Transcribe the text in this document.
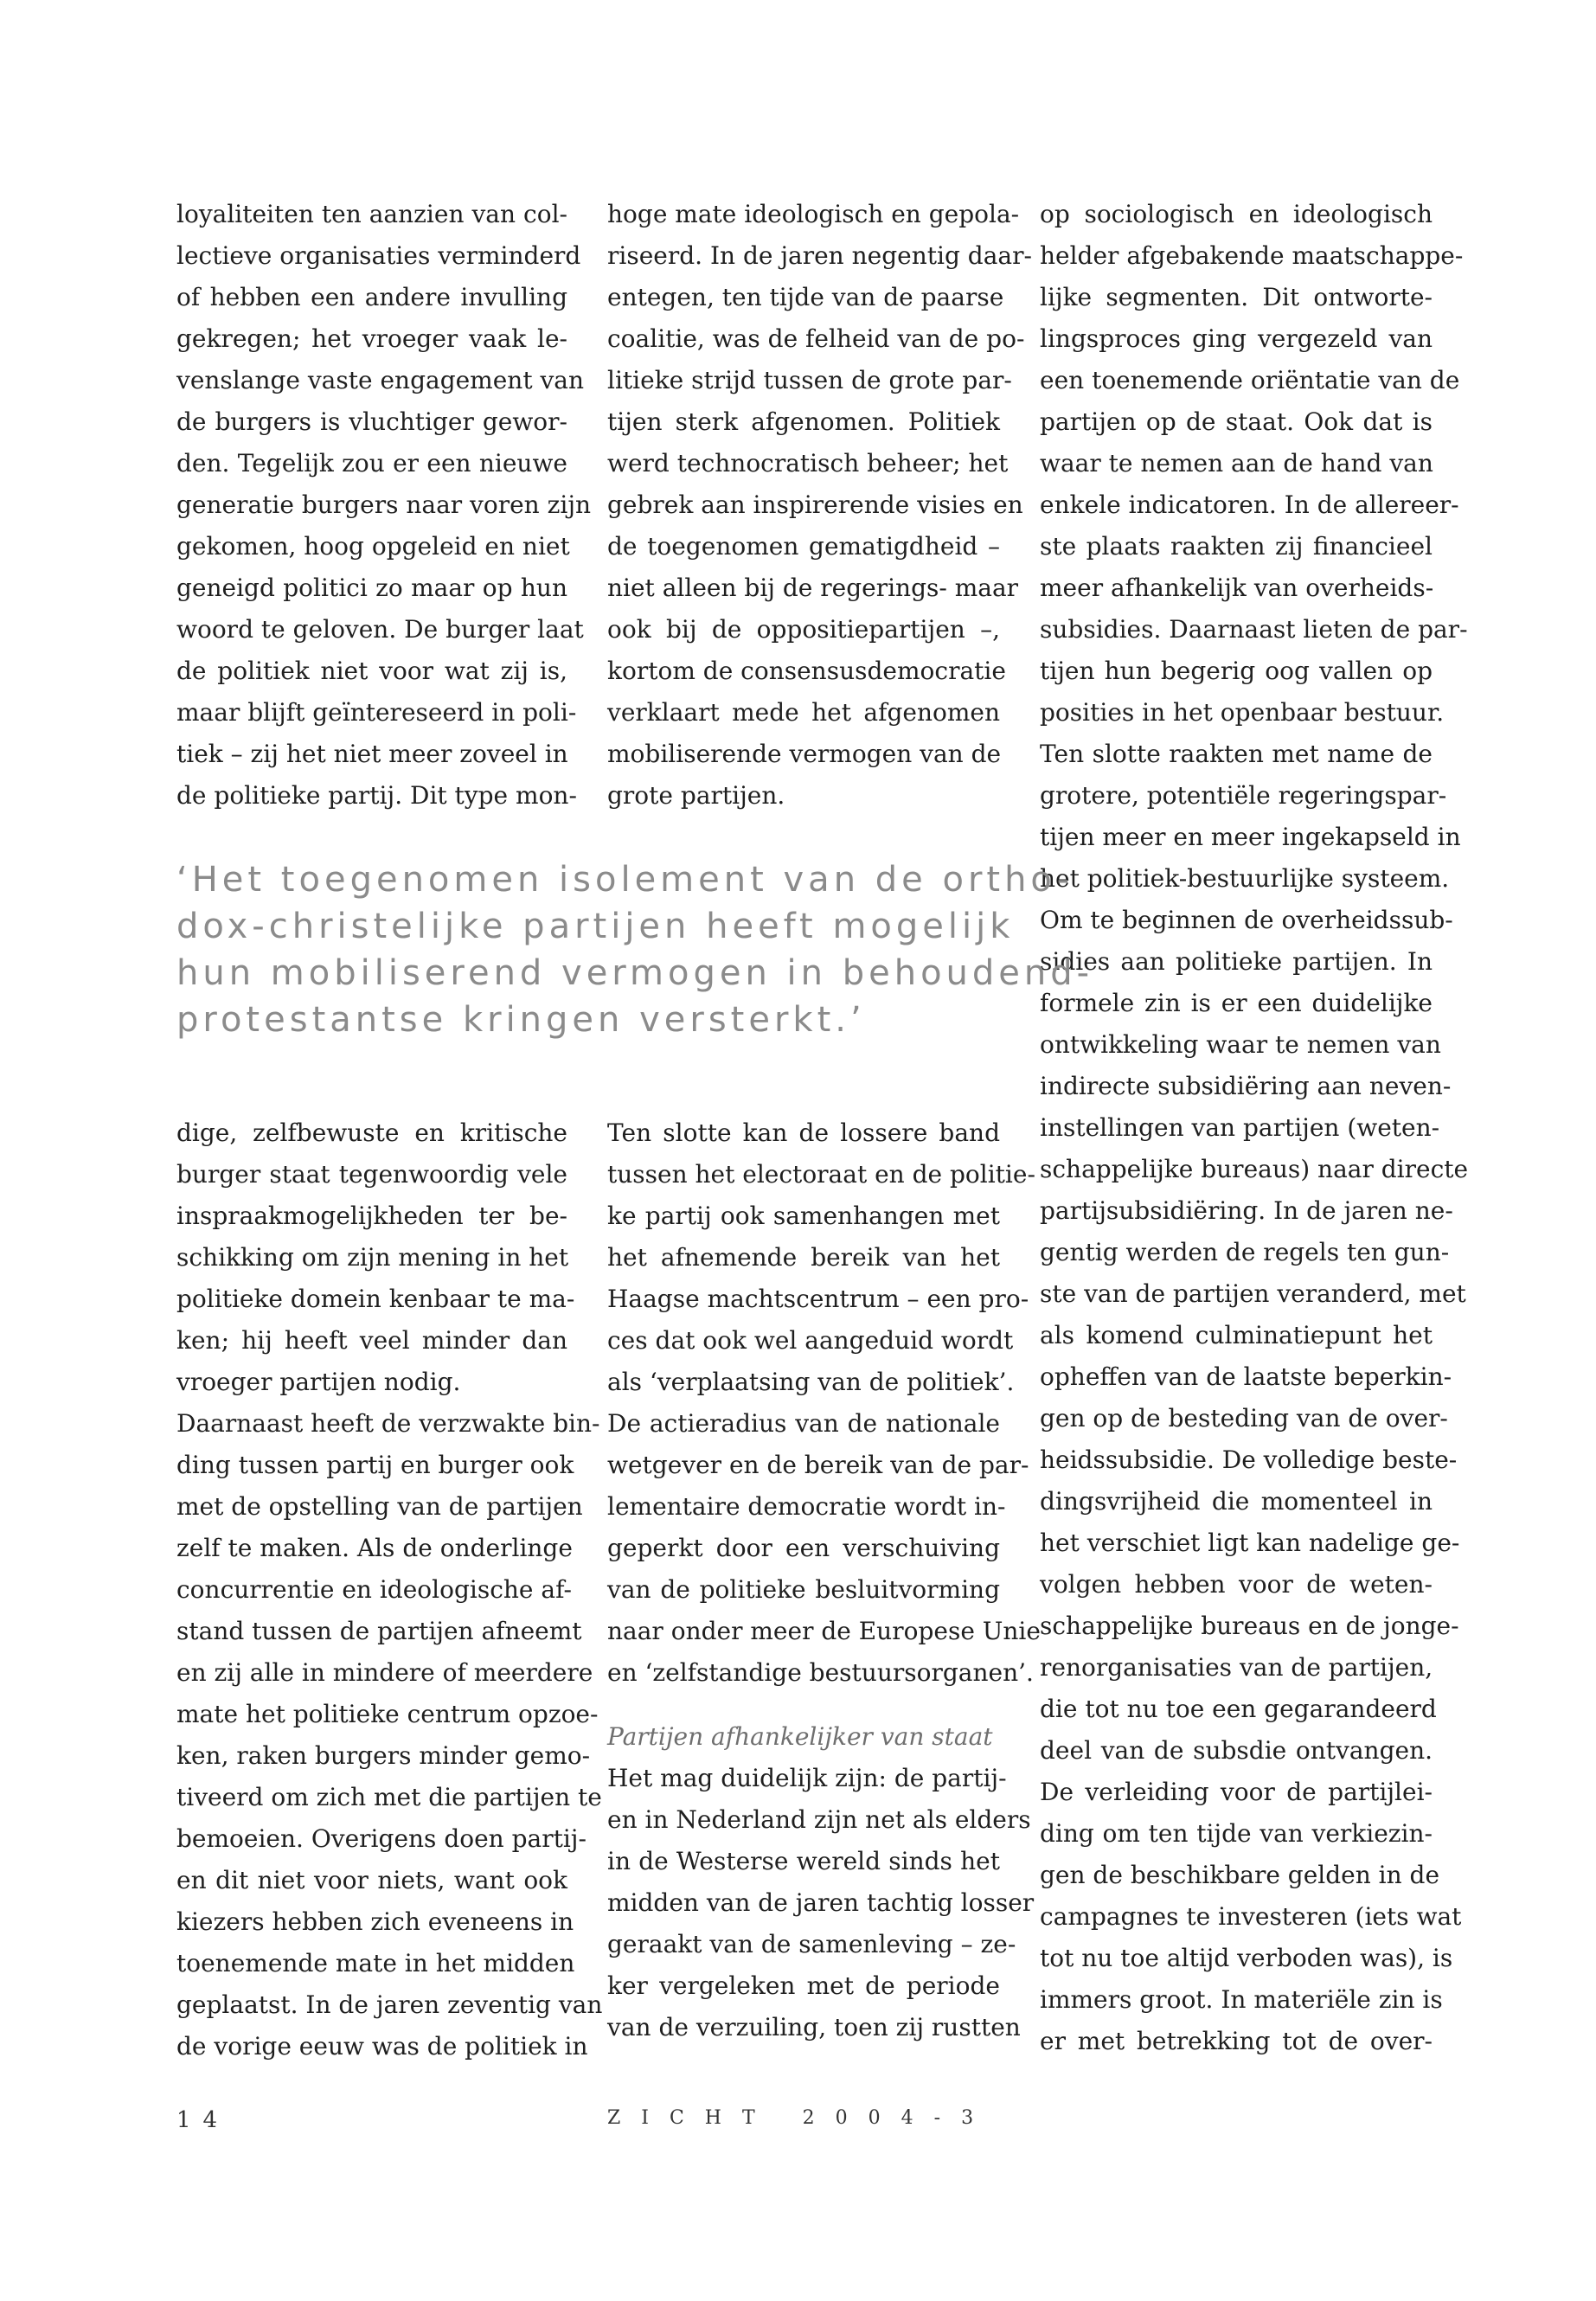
loyaliteiten ten aanzien van col-
lectieve organisaties verminderd
of hebben een andere invulling
gekregen; het vroeger vaak le-
venslange vaste engagement van
de burgers is vluchtiger gewor-
den. Tegelijk zou er een nieuwe
generatie burgers naar voren zijn
gekomen, hoog opgeleid en niet
geneigd politici zo maar op hun
woord te geloven. De burger laat
de politiek niet voor wat zij is,
maar blijft geïntereseerd in poli-
tiek – zij het niet meer zoveel in
de politieke partij. Dit type mon-
hoge mate ideologisch en gepola-
riseerd. In de jaren negentig daar-
entegen, ten tijde van de paarse
coalitie, was de felheid van de po-
litieke strijd tussen de grote par-
tijen sterk afgenomen. Politiek
werd technocratisch beheer; het
gebrek aan inspirerende visies en
de toegenomen gematigdheid –
niet alleen bij de regerings- maar
ook bij de oppositiepartijen –,
kortom de consensusdemocratie
verklaart mede het afgenomen
mobiliserende vermogen van de
grote partijen.
op sociologisch en ideologisch
helder afgebakende maatschappe-
lijke segmenten. Dit ontworte-
lingsproces ging vergezeld van
een toenemende oriëntatie van de
partijen op de staat. Ook dat is
waar te nemen aan de hand van
enkele indicatoren. In de allereer-
ste plaats raakten zij financieel
meer afhankelijk van overheids-
subsidies. Daarnaast lieten de par-
tijen hun begerig oog vallen op
posities in het openbaar bestuur.
Ten slotte raakten met name de
grotere, potentiële regeringspar-
tijen meer en meer ingekapseld in
het politiek-bestuurlijke systeem.
Om te beginnen de overheidssub-
sidies aan politieke partijen. In
formele zin is er een duidelijke
ontwikkeling waar te nemen van
indirecte subsidiëring aan neven-
instellingen van partijen (weten-
schappelijke bureaus) naar directe
partijsubsidiëring. In de jaren ne-
gentig werden de regels ten gun-
ste van de partijen veranderd, met
als komend culminatiepunt het
opheffen van de laatste beperkin-
gen op de besteding van de over-
heidssubsidie. De volledige beste-
dingsvrijheid die momenteel in
het verschiet ligt kan nadelige ge-
volgen hebben voor de weten-
schappelijke bureaus en de jonge-
renorganisaties van de partijen,
die tot nu toe een gegarandeerd
deel van de subsdie ontvangen.
De verleiding voor de partijlei-
ding om ten tijde van verkiezin-
gen de beschikbare gelden in de
campagnes te investeren (iets wat
tot nu toe altijd verboden was), is
immers groot. In materiële zin is
er met betrekking tot de over-
‘Het toegenomen isolement van de ortho-
dox-christelijke partijen heeft mogelijk
hun mobiliserend vermogen in behoudend-
protestantse kringen versterkt.’
dige, zelfbewuste en kritische
burger staat tegenwoordig vele
inspraakmogelijkheden ter be-
schikking om zijn mening in het
politieke domein kenbaar te ma-
ken; hij heeft veel minder dan
vroeger partijen nodig.
Daarnaast heeft de verzwakte bin-
ding tussen partij en burger ook
met de opstelling van de partijen
zelf te maken. Als de onderlinge
concurrentie en ideologische af-
stand tussen de partijen afneemt
en zij alle in mindere of meerdere
mate het politieke centrum opzoe-
ken, raken burgers minder gemo-
tiveerd om zich met die partijen te
bemoeien. Overigens doen partij-
en dit niet voor niets, want ook
kiezers hebben zich eveneens in
toenemende mate in het midden
geplaatst. In de jaren zeventig van
de vorige eeuw was de politiek in
Ten slotte kan de lossere band
tussen het electoraat en de politie-
ke partij ook samenhangen met
het afnemende bereik van het
Haagse machtscentrum – een pro-
ces dat ook wel aangeduid wordt
als ‘verplaatsing van de politiek’.
De actieradius van de nationale
wetgever en de bereik van de par-
lementaire democratie wordt in-
geperkt door een verschuiving
van de politieke besluitvorming
naar onder meer de Europese Unie
en ‘zelfstandige bestuursorganen’.
Partijen afhankelijker van staat
Het mag duidelijk zijn: de partij-
en in Nederland zijn net als elders
in de Westerse wereld sinds het
midden van de jaren tachtig losser
geraakt van de samenleving – ze-
ker vergeleken met de periode
van de verzuiling, toen zij rustten
14	ZICHT 2004-3
